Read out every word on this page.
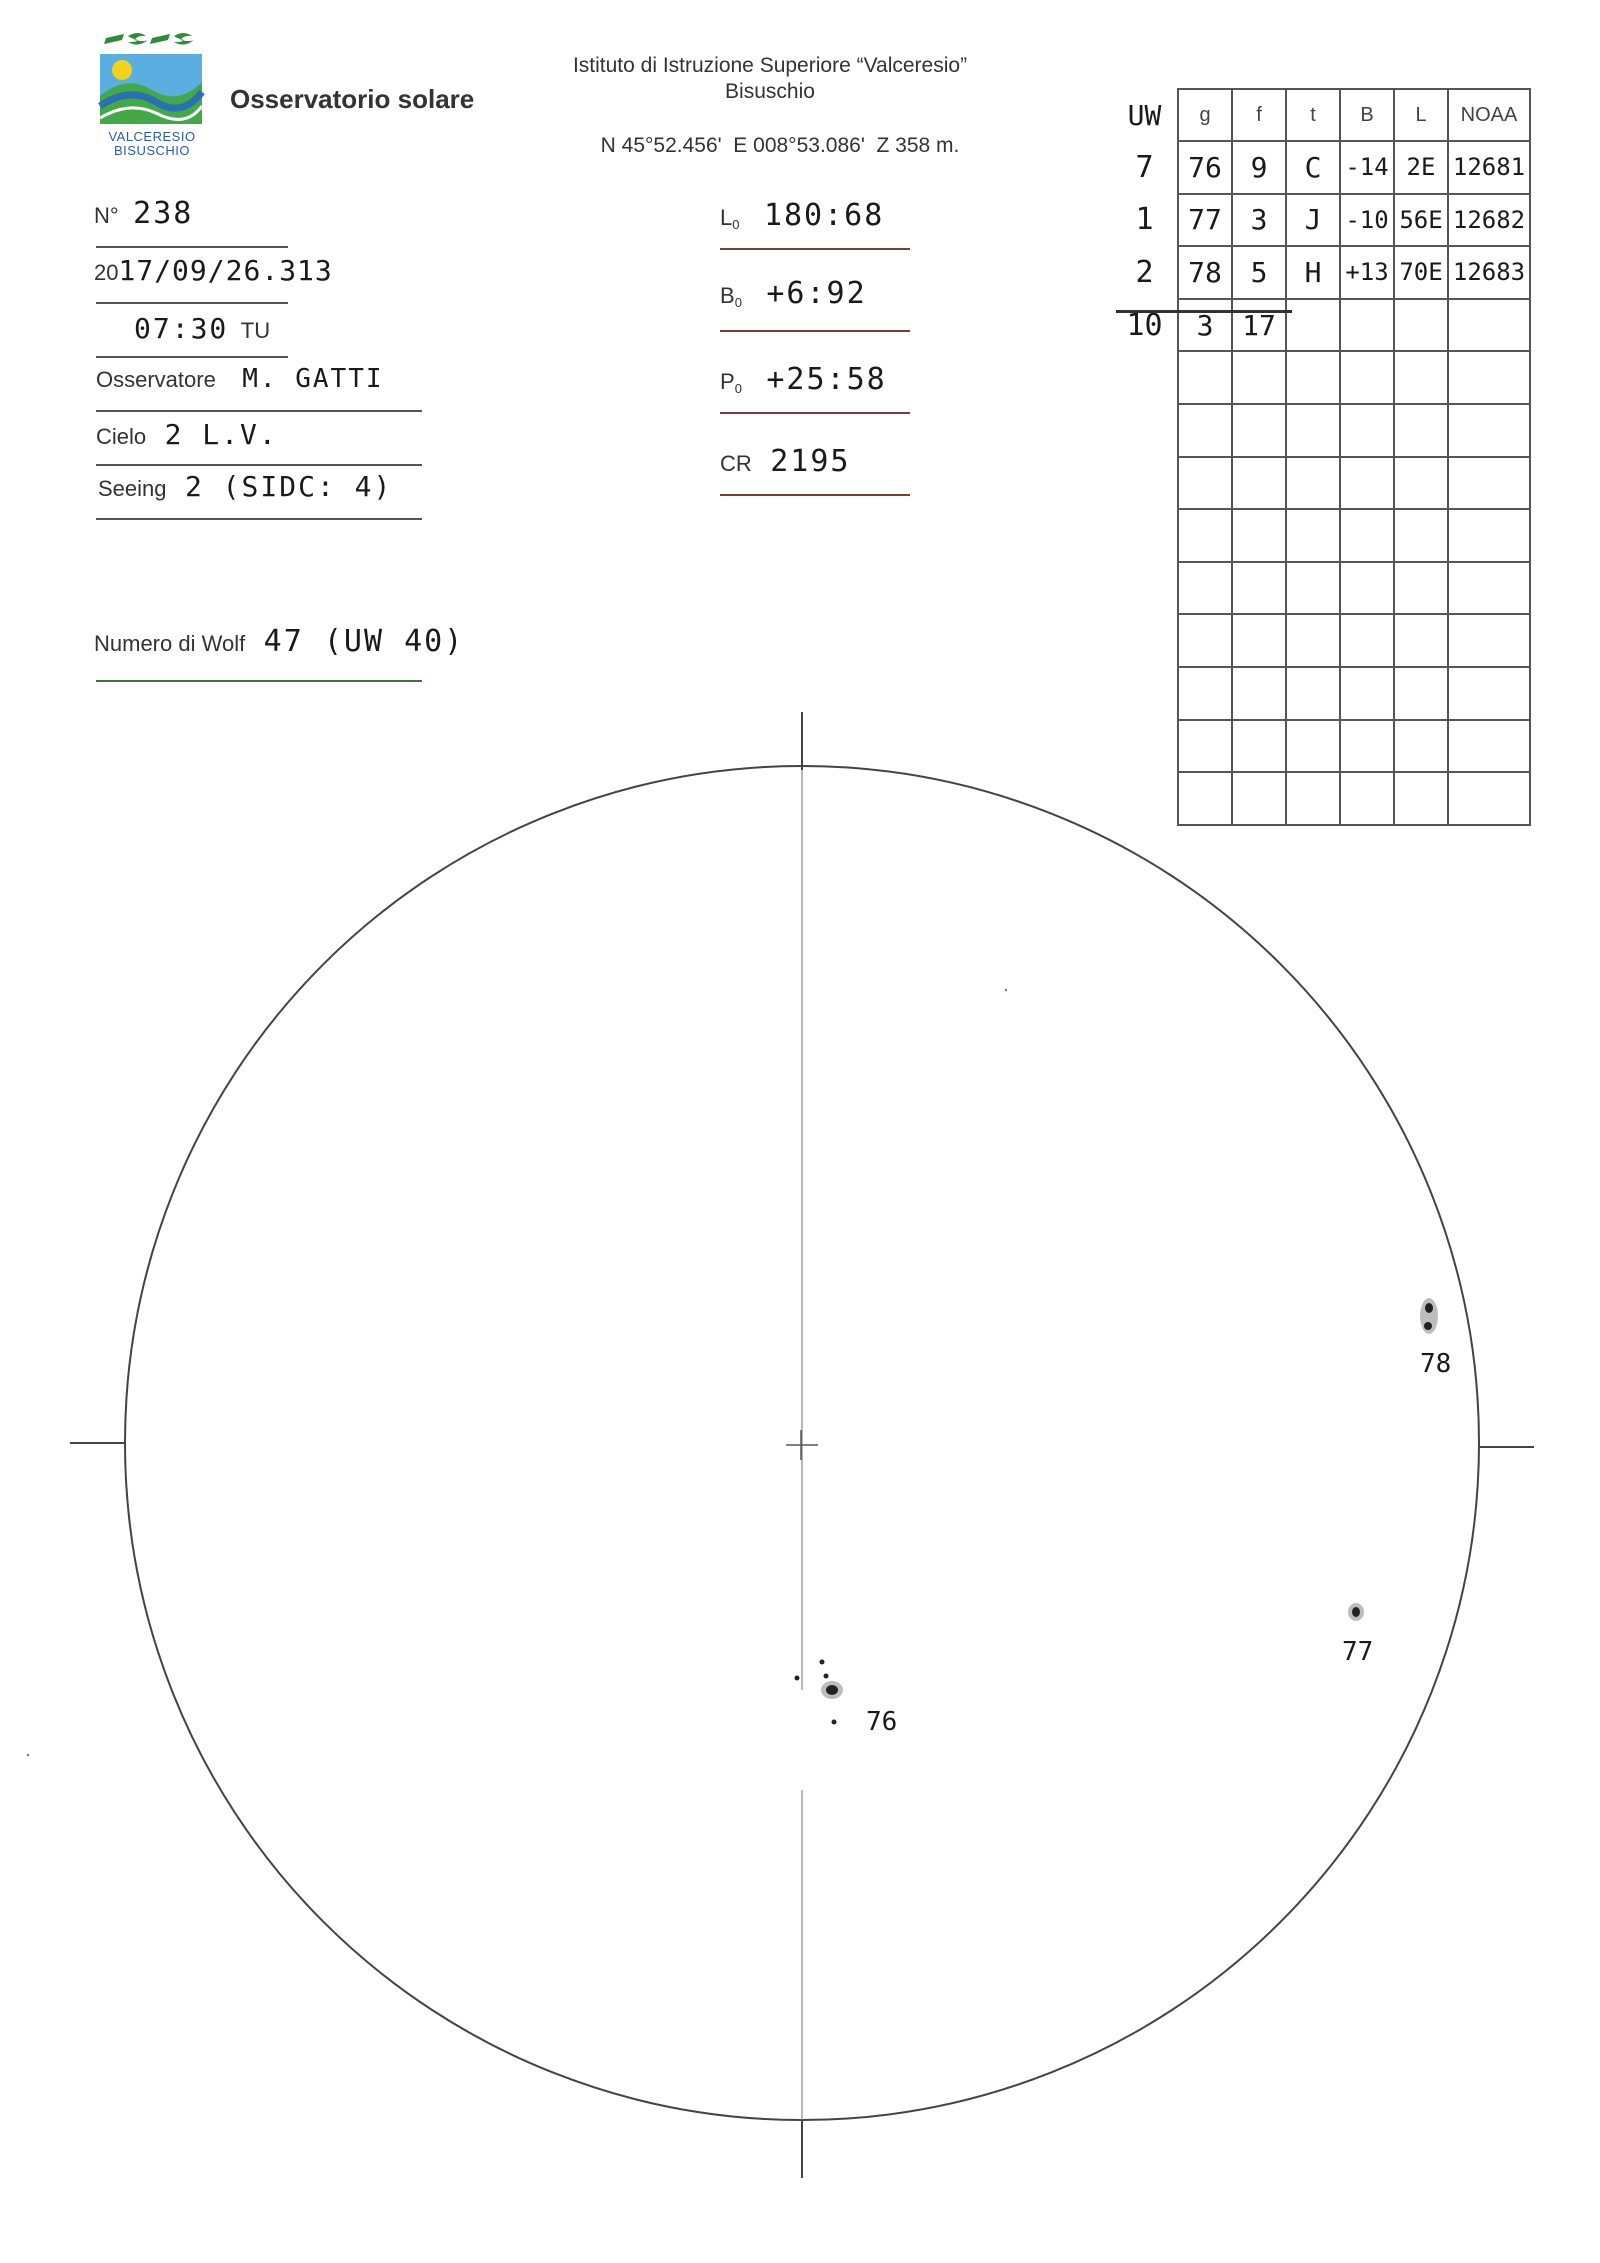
VALCERESIO
BISUSCHIO
Osservatorio solare
Istituto di Istruzione Superiore “Valceresio”
Bisuschio
N 45°52.456'  E 008°53.086'  Z 358 m.
N° 238
2017/09/26.313
07:30 TU
Osservatore M. GATTI
Cielo 2 L.V.
Seeing 2 (SIDC: 4)
Numero di Wolf 47 (UW 40)
$L_0$ 180:68
$B_0$ +6:92
$P_0$ +25:58
CR 2195
UW	g	f	t	B	L	NOAA
7	76	9	C	-14	2E	12681
1	77	3	J	-10	56E	12682
2	78	5	H	+13	70E	12683
10	3	17				

78
77
76
